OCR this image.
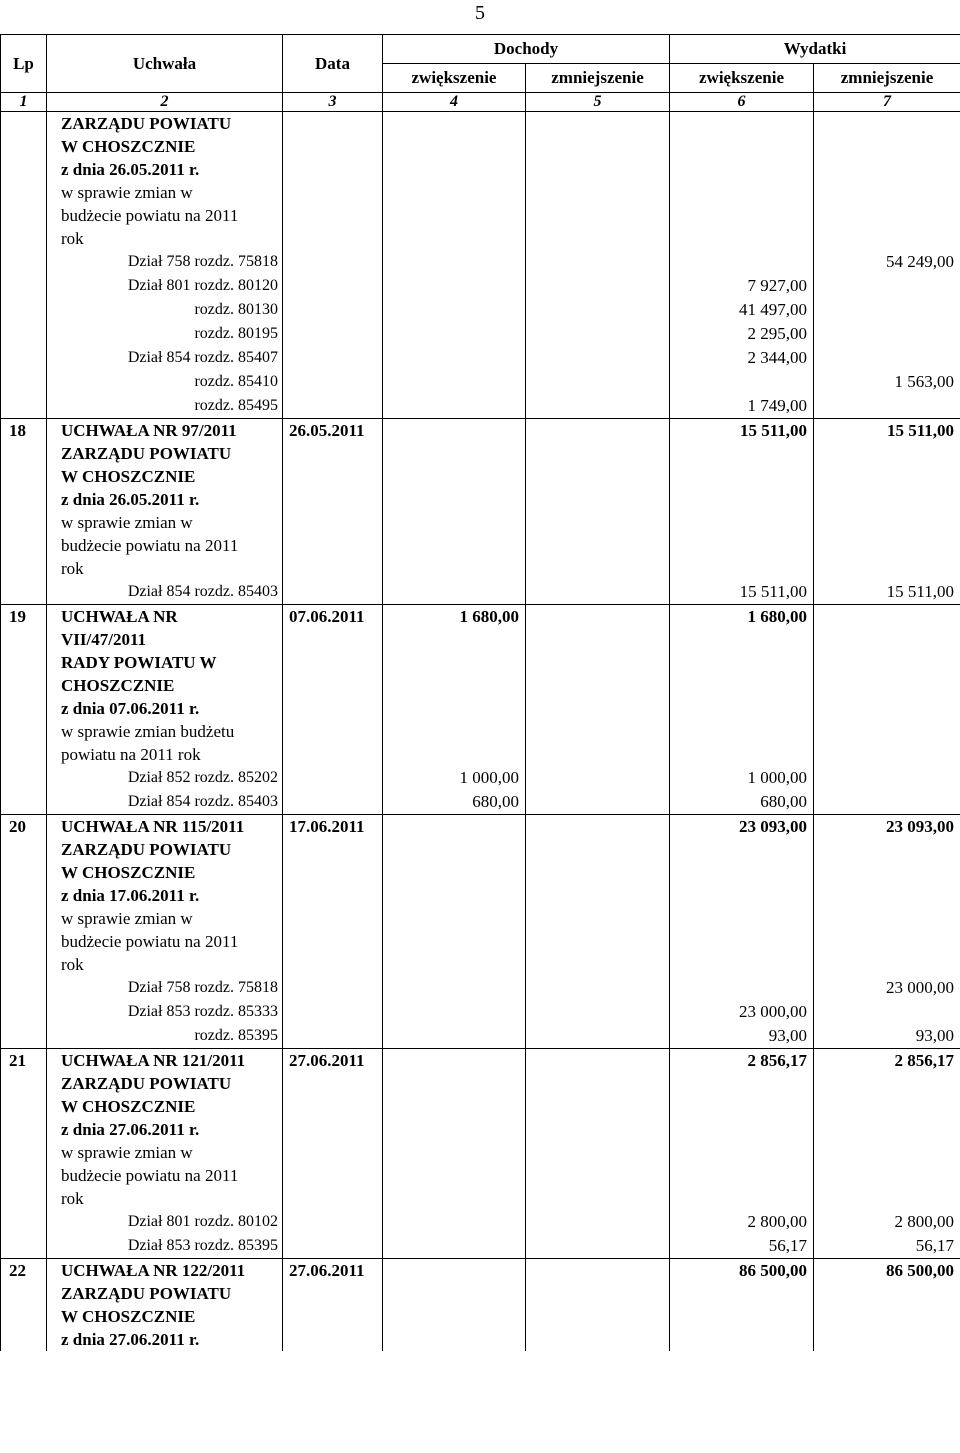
5
Lp	Uchwała	Data	Dochody		Wydatki	
			zwiększenie	zmniejszenie	zwiększenie	zmniejszenie
1	2	3	4	5	6	7
	ZARZĄDU POWIATU					
	W CHOSZCZNIE					
	z dnia 26.05.2011 r.					
	w sprawie zmian w					
	budżecie powiatu na 2011					
	rok					
	Dział 758 rozdz. 75818					54 249,00
	Dział 801 rozdz. 80120				7 927,00	
	rozdz. 80130				41 497,00	
	rozdz. 80195				2 295,00	
	Dział 854 rozdz. 85407				2 344,00	
	rozdz. 85410					1 563,00
	rozdz. 85495				1 749,00	
18	UCHWAŁA NR 97/2011	26.05.2011			15 511,00	15 511,00
	ZARZĄDU POWIATU					
	W CHOSZCZNIE					
	z dnia 26.05.2011 r.					
	w sprawie zmian w					
	budżecie powiatu na 2011					
	rok					
	Dział 854 rozdz. 85403				15 511,00	15 511,00
19	UCHWAŁA NR	07.06.2011	1 680,00		1 680,00	
	VII/47/2011					
	RADY POWIATU W					
	CHOSZCZNIE					
	z dnia 07.06.2011 r.					
	w sprawie zmian budżetu					
	powiatu na 2011 rok					
	Dział 852 rozdz. 85202		1 000,00		1 000,00	
	Dział 854 rozdz. 85403		680,00		680,00	
20	UCHWAŁA NR 115/2011	17.06.2011			23 093,00	23 093,00
	ZARZĄDU POWIATU					
	W CHOSZCZNIE					
	z dnia 17.06.2011 r.					
	w sprawie zmian w					
	budżecie powiatu na 2011					
	rok					
	Dział 758 rozdz. 75818					23 000,00
	Dział 853 rozdz. 85333				23 000,00	
	rozdz. 85395				93,00	93,00
21	UCHWAŁA NR 121/2011	27.06.2011			2 856,17	2 856,17
	ZARZĄDU POWIATU					
	W CHOSZCZNIE					
	z dnia 27.06.2011 r.					
	w sprawie zmian w					
	budżecie powiatu na 2011					
	rok					
	Dział 801 rozdz. 80102				2 800,00	2 800,00
	Dział 853 rozdz. 85395				56,17	56,17
22	UCHWAŁA NR 122/2011	27.06.2011			86 500,00	86 500,00
	ZARZĄDU POWIATU					
	W CHOSZCZNIE					
	z dnia 27.06.2011 r.					
